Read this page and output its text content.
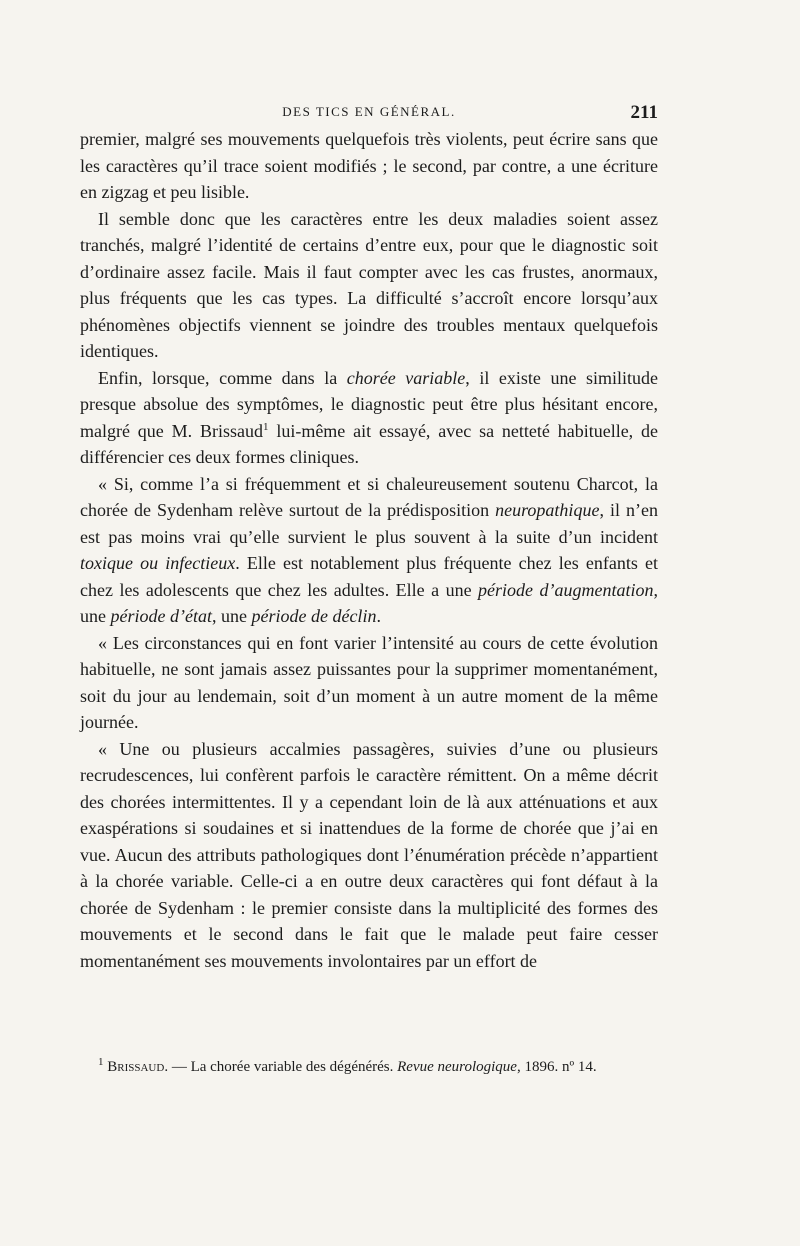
DES TICS EN GÉNÉRAL.	211

premier, malgré ses mouvements quelquefois très violents, peut écrire sans que les caractères qu’il trace soient modifiés ; le second, par contre, a une écriture en zigzag et peu lisible.

Il semble donc que les caractères entre les deux maladies soient assez tranchés, malgré l’identité de certains d’entre eux, pour que le diagnostic soit d’ordinaire assez facile. Mais il faut compter avec les cas frustes, anormaux, plus fréquents que les cas types. La difficulté s’accroît encore lorsqu’aux phénomènes objectifs viennent se joindre des troubles mentaux quelquefois identiques.

Enfin, lorsque, comme dans la chorée variable, il existe une similitude presque absolue des symptômes, le diagnostic peut être plus hésitant encore, malgré que M. Brissaud$^1$ lui-même ait essayé, avec sa netteté habituelle, de différencier ces deux formes cliniques.

« Si, comme l’a si fréquemment et si chaleureusement soutenu Charcot, la chorée de Sydenham relève surtout de la prédisposition neuropathique, il n’en est pas moins vrai qu’elle survient le plus souvent à la suite d’un incident toxique ou infectieux. Elle est notablement plus fréquente chez les enfants et chez les adolescents que chez les adultes. Elle a une période d’augmentation, une période d’état, une période de déclin.

« Les circonstances qui en font varier l’intensité au cours de cette évolution habituelle, ne sont jamais assez puissantes pour la supprimer momentanément, soit du jour au lendemain, soit d’un moment à un autre moment de la même journée.

« Une ou plusieurs accalmies passagères, suivies d’une ou plusieurs recrudescences, lui confèrent parfois le caractère rémittent. On a même décrit des chorées intermittentes. Il y a cependant loin de là aux atténuations et aux exaspérations si soudaines et si inattendues de la forme de chorée que j’ai en vue. Aucun des attributs pathologiques dont l’énumération précède n’appartient à la chorée variable. Celle-ci a en outre deux caractères qui font défaut à la chorée de Sydenham : le premier consiste dans la multiplicité des formes des mouvements et le second dans le fait que le malade peut faire cesser momentanément ses mouvements involontaires par un effort de

$^1$ Brissaud. — La chorée variable des dégénérés. Revue neurologique, 1896. nº 14.
